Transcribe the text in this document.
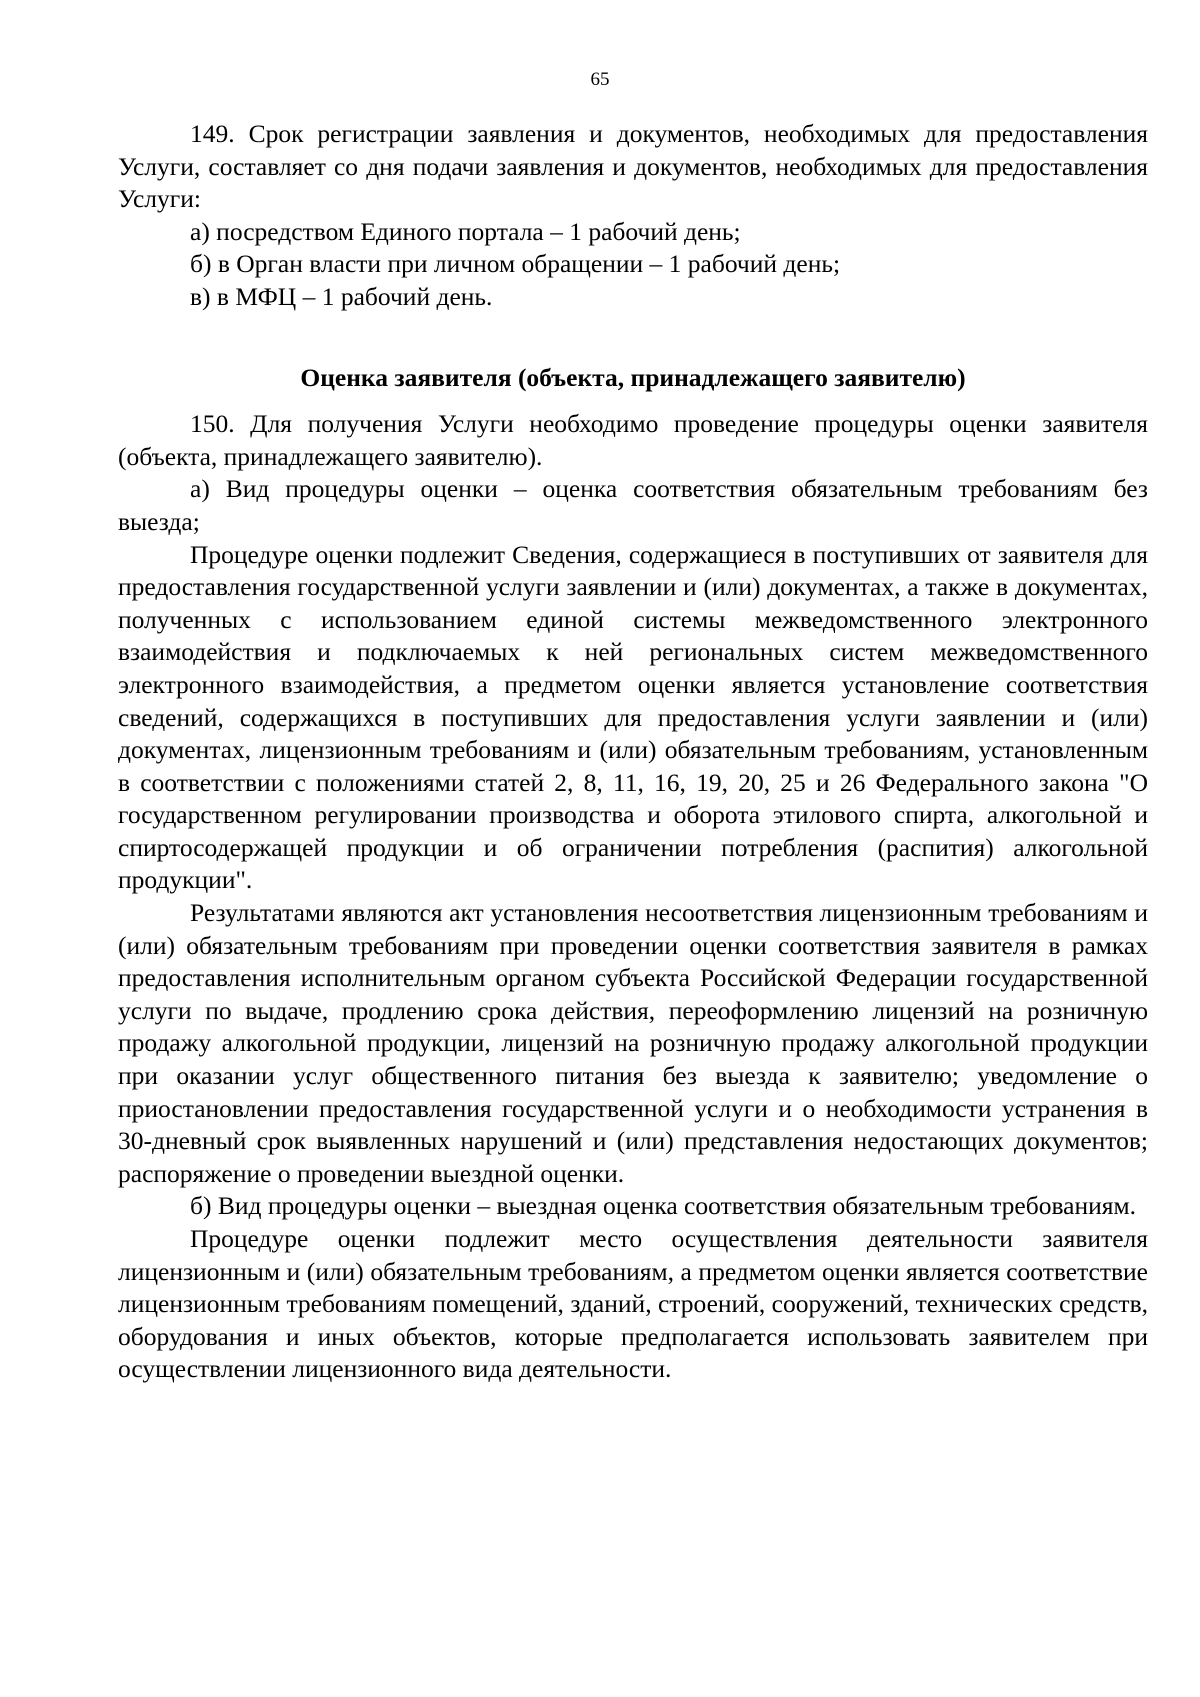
65

149. Срок регистрации заявления и документов, необходимых для предоставления Услуги, составляет со дня подачи заявления и документов, необходимых для предоставления Услуги:

а) посредством Единого портала – 1 рабочий день;

б) в Орган власти при личном обращении – 1 рабочий день;

в) в МФЦ – 1 рабочий день.

Оценка заявителя (объекта, принадлежащего заявителю)

150. Для получения Услуги необходимо проведение процедуры оценки заявителя (объекта, принадлежащего заявителю).

а) Вид процедуры оценки – оценка соответствия обязательным требованиям без выезда;

Процедуре оценки подлежит Сведения, содержащиеся в поступивших от заявителя для предоставления государственной услуги заявлении и (или) документах, а также в документах, полученных с использованием единой системы межведомственного электронного взаимодействия и подключаемых к ней региональных систем межведомственного электронного взаимодействия, а предметом оценки является установление соответствия сведений, содержащихся в поступивших для предоставления услуги заявлении и (или) документах, лицензионным требованиям и (или) обязательным требованиям, установленным в соответствии с положениями статей 2, 8, 11, 16, 19, 20, 25 и 26 Федерального закона "О государственном регулировании производства и оборота этилового спирта, алкогольной и спиртосодержащей продукции и об ограничении потребления (распития) алкогольной продукции".

Результатами являются акт установления несоответствия лицензионным требованиям и (или) обязательным требованиям при проведении оценки соответствия заявителя в рамках предоставления исполнительным органом субъекта Российской Федерации государственной услуги по выдаче, продлению срока действия, переоформлению лицензий на розничную продажу алкогольной продукции, лицензий на розничную продажу алкогольной продукции при оказании услуг общественного питания без выезда к заявителю; уведомление о приостановлении предоставления государственной услуги и о необходимости устранения в 30-дневный срок выявленных нарушений и (или) представления недостающих документов; распоряжение о проведении выездной оценки.

б) Вид процедуры оценки – выездная оценка соответствия обязательным требованиям.

Процедуре оценки подлежит место осуществления деятельности заявителя лицензионным и (или) обязательным требованиям, а предметом оценки является соответствие лицензионным требованиям помещений, зданий, строений, сооружений, технических средств, оборудования и иных объектов, которые предполагается использовать заявителем при осуществлении лицензионного вида деятельности.
